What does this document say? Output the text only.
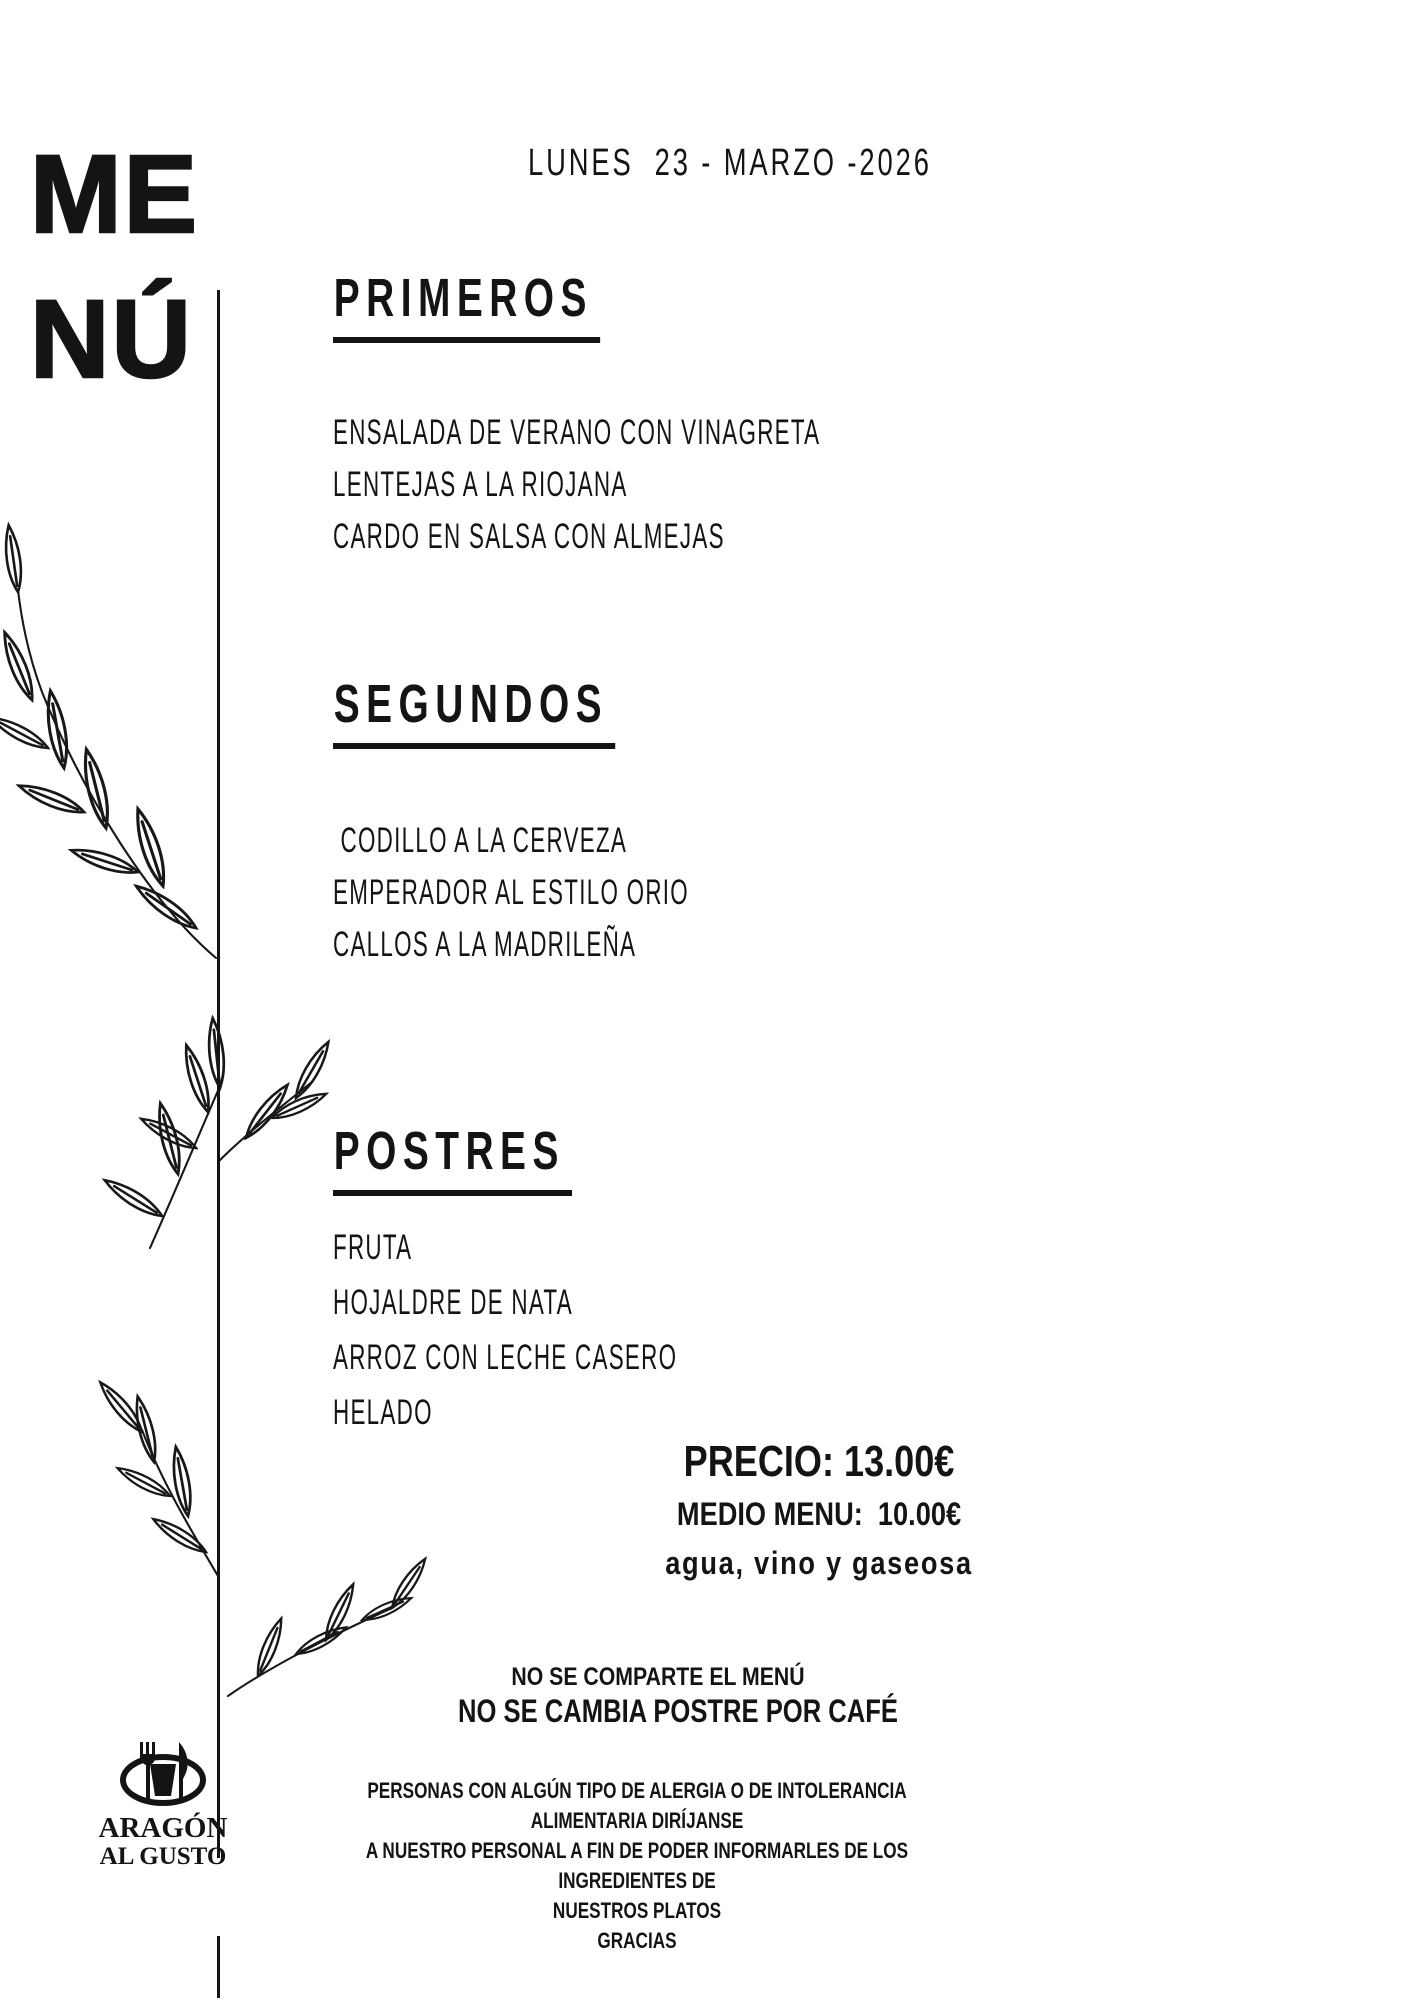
ME
NÚ
LUNES  23 - MARZO -2026
PRIMEROS
ENSALADA DE VERANO CON VINAGRETA
LENTEJAS A LA RIOJANA
CARDO EN SALSA CON ALMEJAS
SEGUNDOS
CODILLO A LA CERVEZA
EMPERADOR AL ESTILO ORIO
CALLOS A LA MADRILEÑA
POSTRES
FRUTA
HOJALDRE DE NATA
ARROZ CON LECHE CASERO
HELADO
PRECIO: 13.00€
MEDIO MENU:  10.00€
agua, vino y gaseosa
NO SE COMPARTE EL MENÚ
NO SE CAMBIA POSTRE POR CAFÉ
PERSONAS CON ALGÚN TIPO DE ALERGIA O DE INTOLERANCIA ALIMENTARIA DIRÍJANSE
A NUESTRO PERSONAL A FIN DE PODER INFORMARLES DE LOS INGREDIENTES DE
NUESTROS PLATOS
GRACIAS
ARAGÓN
AL GUSTO
